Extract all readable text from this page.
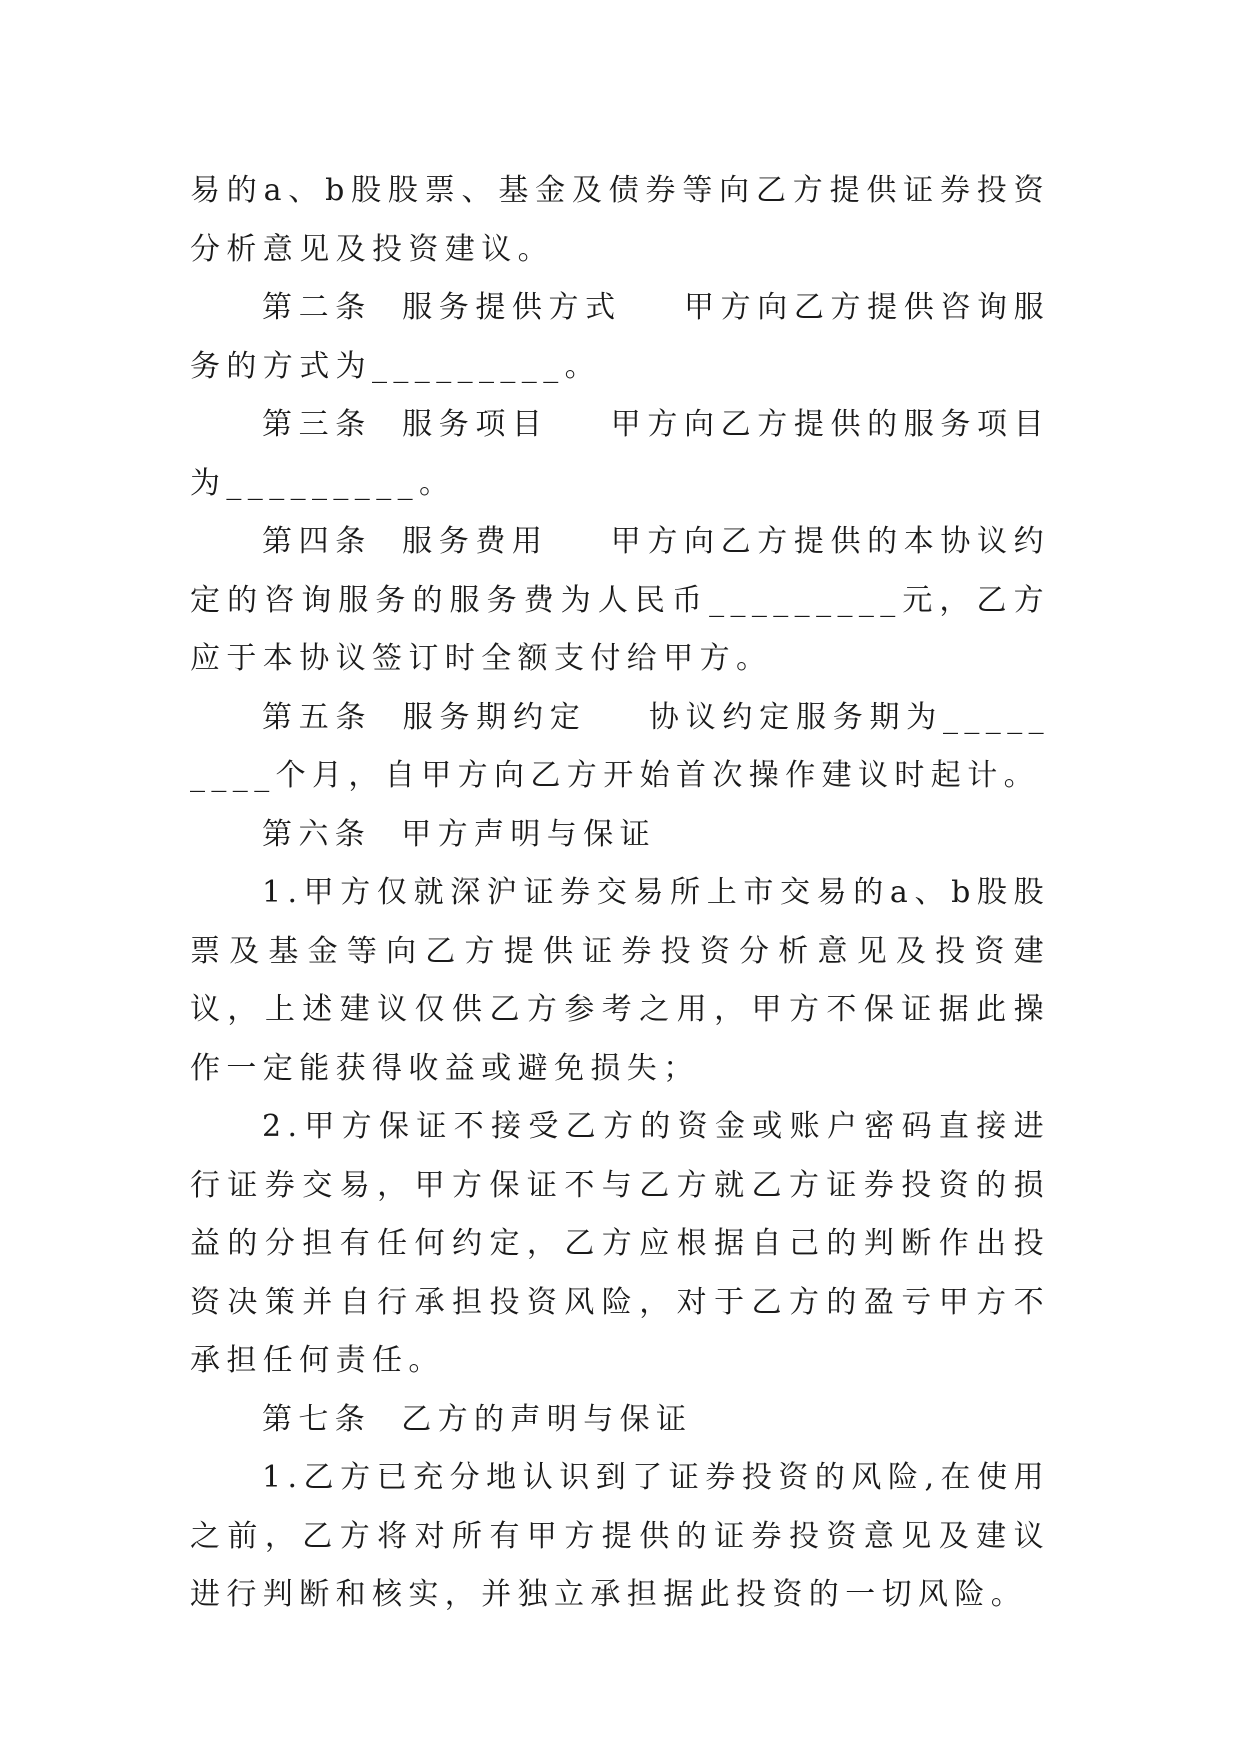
易的a、b股股票、基金及债券等向乙方提供证券投资分析意见及投资建议。

第二条 服务提供方式 甲方向乙方提供咨询服务的方式为_________。

第三条 服务项目 甲方向乙方提供的服务项目为_________。

第四条 服务费用 甲方向乙方提供的本协议约定的咨询服务的服务费为人民币_________元，乙方应于本协议签订时全额支付给甲方。

第五条 服务期约定 协议约定服务期为_________个月，自甲方向乙方开始首次操作建议时起计。

第六条 甲方声明与保证

1.甲方仅就深沪证券交易所上市交易的a、b股股票及基金等向乙方提供证券投资分析意见及投资建议，上述建议仅供乙方参考之用，甲方不保证据此操作一定能获得收益或避免损失；

2.甲方保证不接受乙方的资金或账户密码直接进行证券交易，甲方保证不与乙方就乙方证券投资的损益的分担有任何约定，乙方应根据自己的判断作出投资决策并自行承担投资风险，对于乙方的盈亏甲方不承担任何责任。

第七条 乙方的声明与保证

1.乙方已充分地认识到了证券投资的风险,在使用之前，乙方将对所有甲方提供的证券投资意见及建议进行判断和核实，并独立承担据此投资的一切风险。
